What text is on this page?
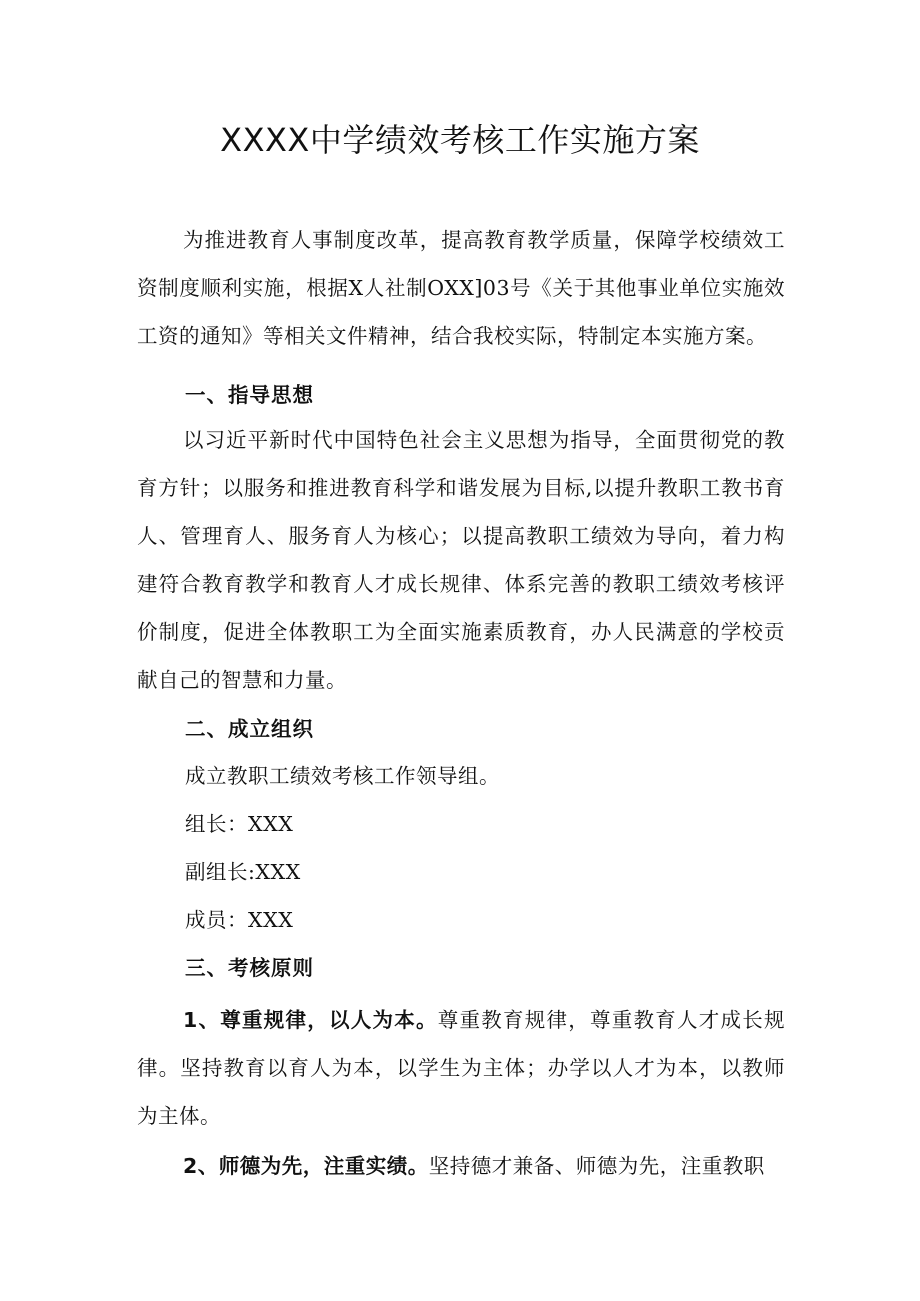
XXXX中学绩效考核工作实施方案

为推进教育人事制度改革，提高教育教学质量，保障学校绩效工资制度顺利实施，根据X人社制OXX]03号《关于其他事业单位实施效工资的通知》等相关文件精神，结合我校实际，特制定本实施方案。

一、指导思想

以习近平新时代中国特色社会主义思想为指导，全面贯彻党的教育方针；以服务和推进教育科学和谐发展为目标,以提升教职工教书育人、管理育人、服务育人为核心；以提高教职工绩效为导向，着力构建符合教育教学和教育人才成长规律、体系完善的教职工绩效考核评价制度，促进全体教职工为全面实施素质教育，办人民满意的学校贡献自己的智慧和力量。

二、成立组织

成立教职工绩效考核工作领导组。

组长：XXX

副组长:XXX

成员：XXX

三、考核原则

1、尊重规律，以人为本。尊重教育规律，尊重教育人才成长规律。坚持教育以育人为本，以学生为主体；办学以人才为本，以教师为主体。

2、师德为先，注重实绩。坚持德才兼备、师德为先，注重教职
